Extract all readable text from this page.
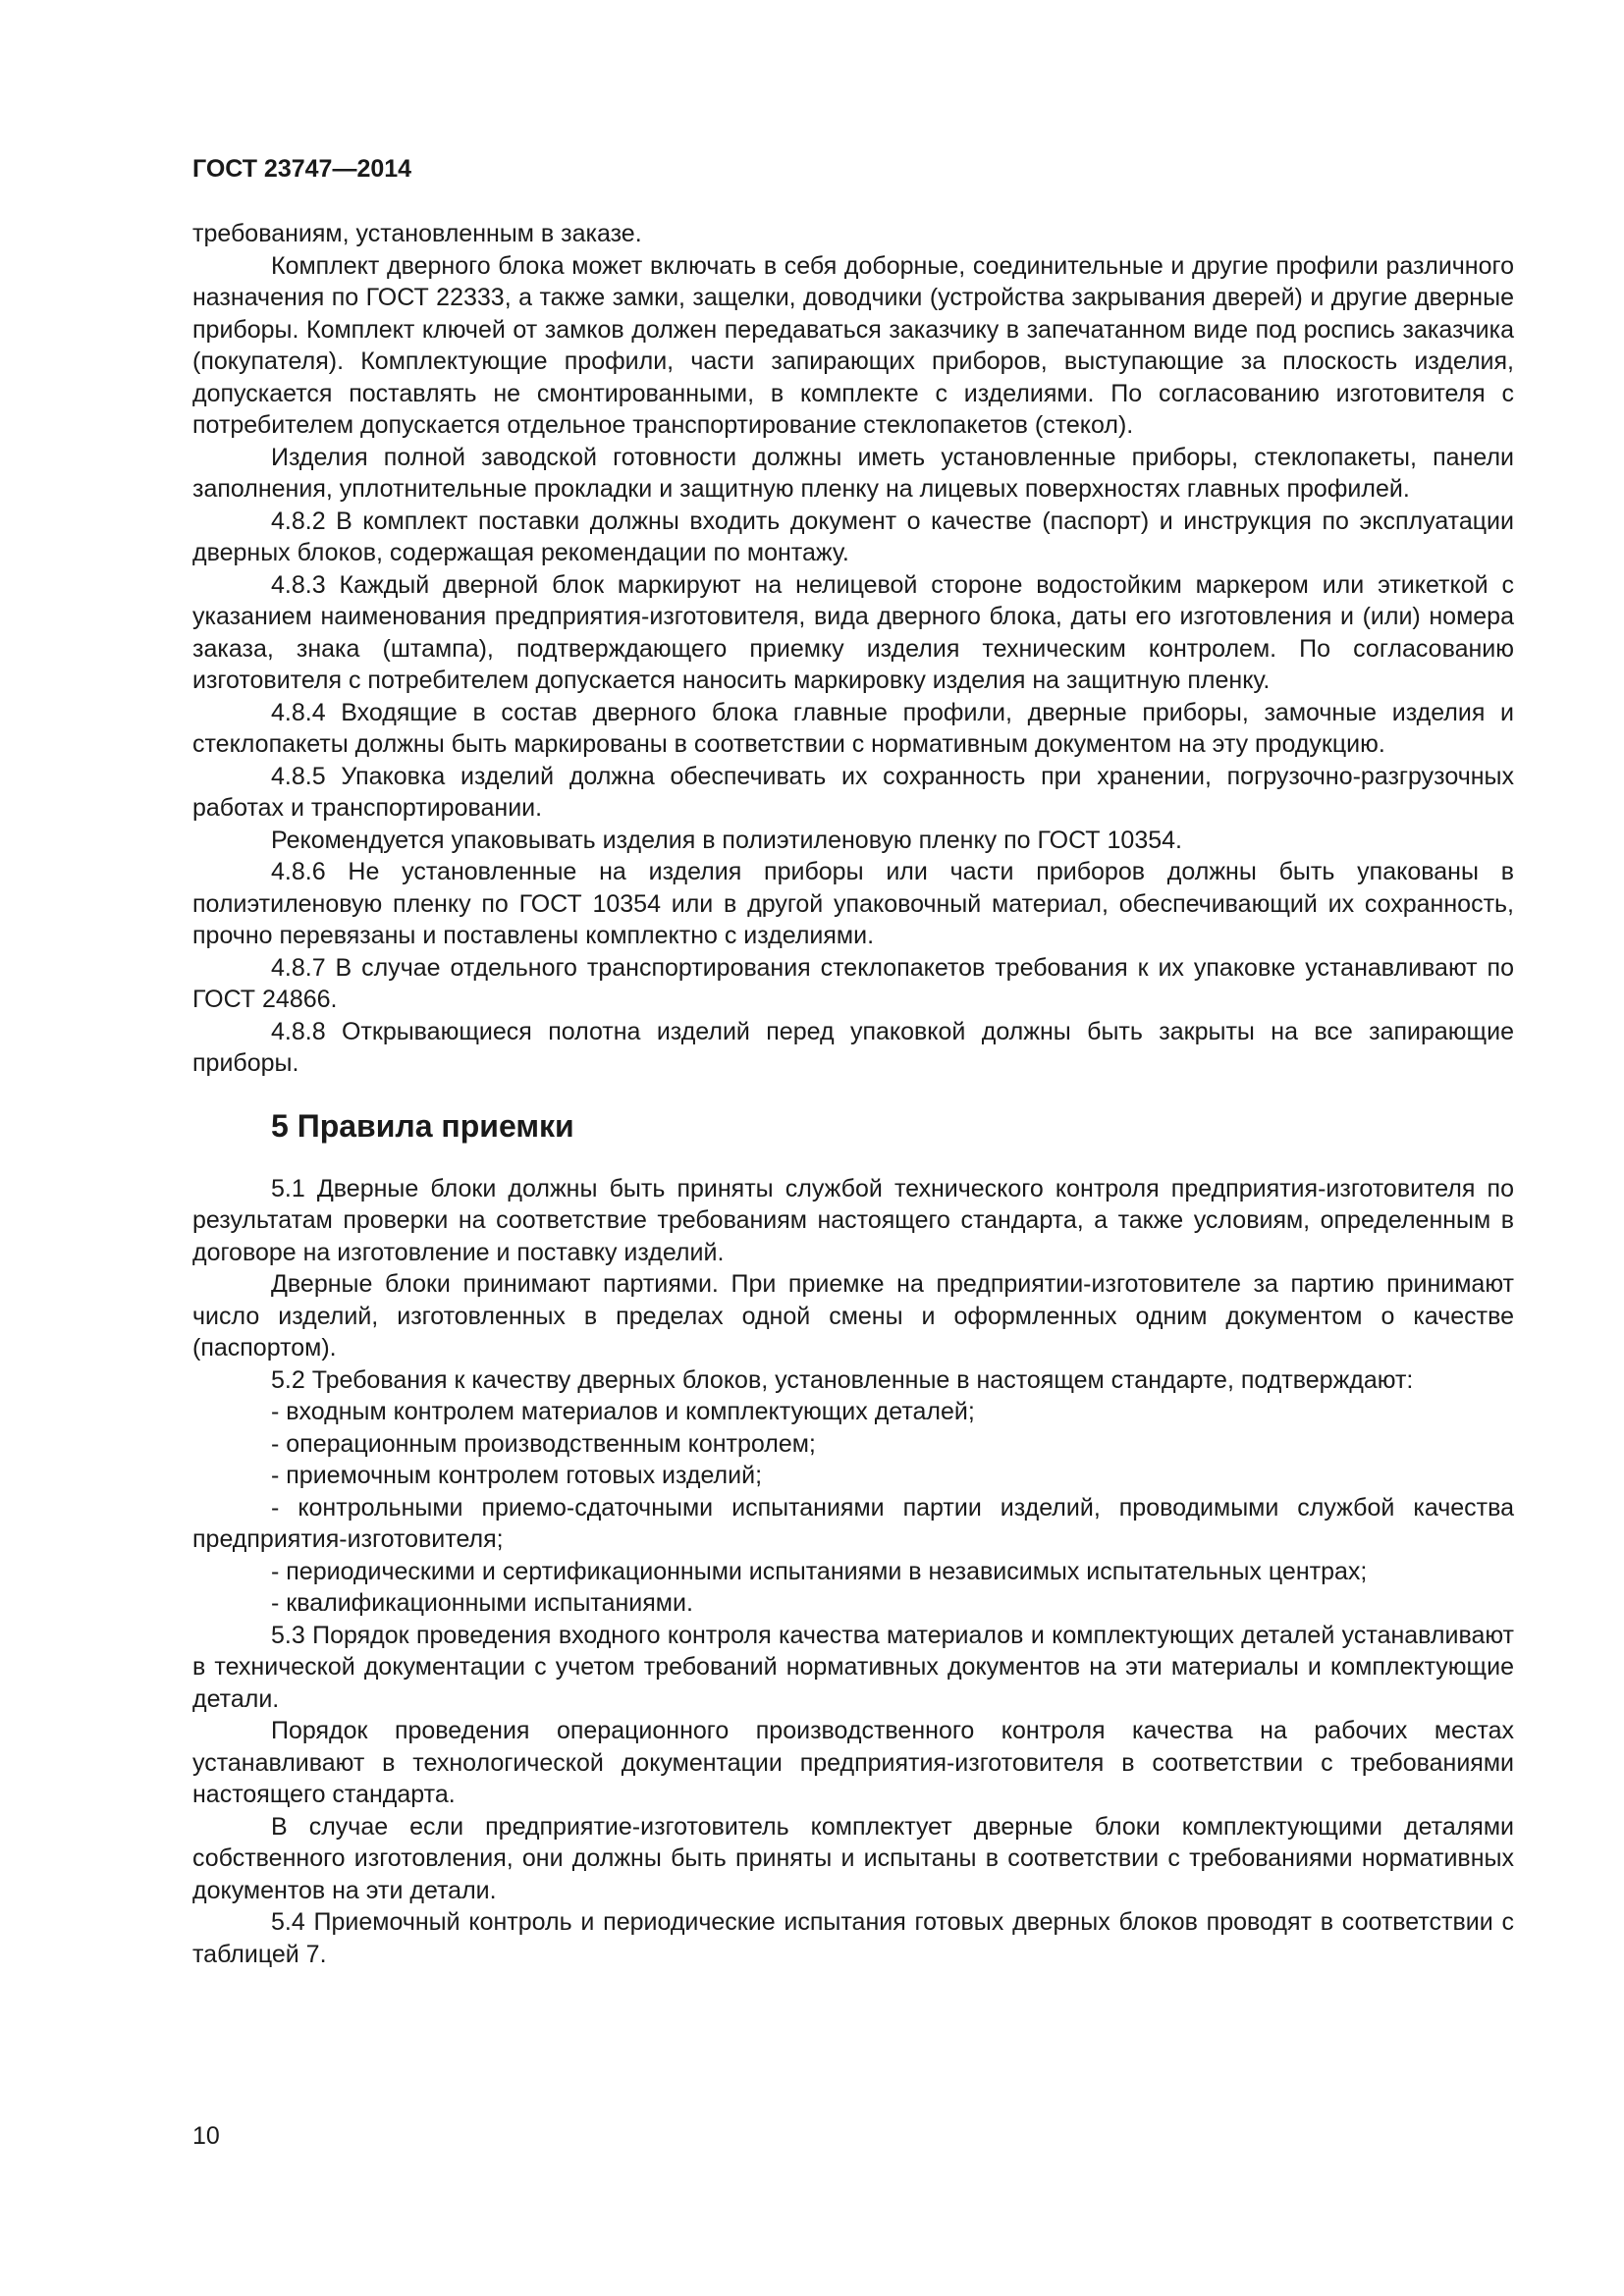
ГОСТ 23747—2014

требованиям, установленным в заказе.

Комплект дверного блока может включать в себя доборные, соединительные и другие профили различного назначения по ГОСТ 22333, а также замки, защелки, доводчики (устройства закрывания дверей) и другие дверные приборы. Комплект ключей от замков должен передаваться заказчику в запечатанном виде под роспись заказчика (покупателя). Комплектующие профили, части запирающих приборов, выступающие за плоскость изделия, допускается поставлять не смонтированными, в комплекте с изделиями. По согласованию изготовителя с потребителем допускается отдельное транспортирование стеклопакетов (стекол).

Изделия полной заводской готовности должны иметь установленные приборы, стеклопакеты, панели заполнения, уплотнительные прокладки и защитную пленку на лицевых поверхностях главных профилей.

4.8.2 В комплект поставки должны входить документ о качестве (паспорт) и инструкция по эксплуатации дверных блоков, содержащая рекомендации по монтажу.

4.8.3 Каждый дверной блок маркируют на нелицевой стороне водостойким маркером или этикеткой с указанием наименования предприятия-изготовителя, вида дверного блока, даты его изготовления и (или) номера заказа, знака (штампа), подтверждающего приемку изделия техническим контролем. По согласованию изготовителя с потребителем допускается наносить маркировку изделия на защитную пленку.

4.8.4 Входящие в состав дверного блока главные профили, дверные приборы, замочные изделия и стеклопакеты должны быть маркированы в соответствии с нормативным документом на эту продукцию.

4.8.5 Упаковка изделий должна обеспечивать их сохранность при хранении, погрузочно-разгрузочных работах и транспортировании.

Рекомендуется упаковывать изделия в полиэтиленовую пленку по ГОСТ 10354.

4.8.6 Не установленные на изделия приборы или части приборов должны быть упакованы в полиэтиленовую пленку по ГОСТ 10354 или в другой упаковочный материал, обеспечивающий их сохранность, прочно перевязаны и поставлены комплектно с изделиями.

4.8.7 В случае отдельного транспортирования стеклопакетов требования к их упаковке устанавливают по ГОСТ 24866.

4.8.8 Открывающиеся полотна изделий перед упаковкой должны быть закрыты на все запирающие приборы.

5 Правила приемки

5.1 Дверные блоки должны быть приняты службой технического контроля предприятия-изготовителя по результатам проверки на соответствие требованиям настоящего стандарта, а также условиям, определенным в договоре на изготовление и поставку изделий.

Дверные блоки принимают партиями. При приемке на предприятии-изготовителе за партию принимают число изделий, изготовленных в пределах одной смены и оформленных одним документом о качестве (паспортом).

5.2 Требования к качеству дверных блоков, установленные в настоящем стандарте, подтверждают:

- входным контролем материалов и комплектующих деталей;

- операционным производственным контролем;

- приемочным контролем готовых изделий;

- контрольными приемо-сдаточными испытаниями партии изделий, проводимыми службой качества предприятия-изготовителя;

- периодическими и сертификационными испытаниями в независимых испытательных центрах;

- квалификационными испытаниями.

5.3 Порядок проведения входного контроля качества материалов и комплектующих деталей устанавливают в технической документации с учетом требований нормативных документов на эти материалы и комплектующие детали.

Порядок проведения операционного производственного контроля качества на рабочих местах устанавливают в технологической документации предприятия-изготовителя в соответствии с требованиями настоящего стандарта.

В случае если предприятие-изготовитель комплектует дверные блоки комплектующими деталями собственного изготовления, они должны быть приняты и испытаны в соответствии с требованиями нормативных документов на эти детали.

5.4 Приемочный контроль и периодические испытания готовых дверных блоков проводят в соответствии с таблицей 7.

10
